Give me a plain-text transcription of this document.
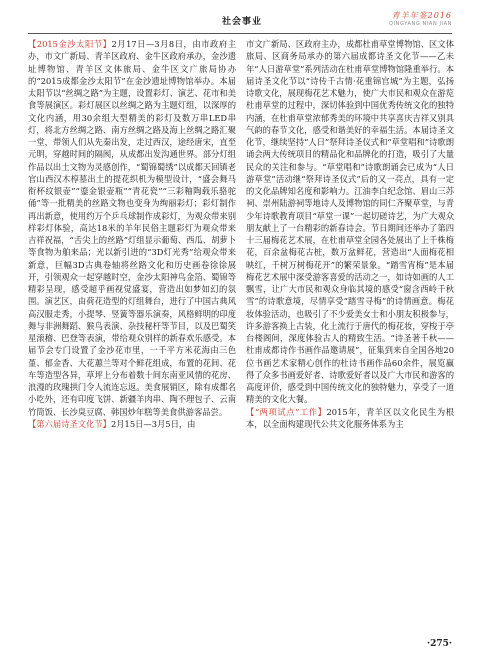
社会事业
青羊年鉴2016
QINGYANG NIAN JIAN

【2015金沙太阳节】2月17日—3月8日，由市政府主办，市文广新局、青羊区政府、金牛区政府承办，金沙遗址博物馆、青羊区文体旅局、金牛区文广旅局协办的“2015成都金沙太阳节”在金沙遗址博物馆举办。本届太阳节以“丝绸之路”为主题，设置彩灯、演艺、花市和美食等展演区。彩灯展区以丝绸之路为主题灯组，以深厚的文化内涵，用30余组大型精美的彩灯及数万串LED串灯，将北方丝绸之路、南方丝绸之路及海上丝绸之路汇聚一堂，带领人们从先秦出发，走过西汉，途经唐宋，直至元明，穿越时间的隔阂，从成都出发沟通世界。部分灯组作品以出土文物为灵感创作，“蜀锦蜀绣”以成都天回镇老官山西汉木椁墓出土的提花织机为模型设计，“盛会舞马衔杯纹银壶”“鎏金银壶瓶”“青花瓷”“三彩釉陶载乐骆驼俑”等一批精美的丝路文物也变身为绚丽彩灯；彩灯制作再出新意，使用约万个乒乓球制作成彩灯，为观众带来别样彩灯体验，高达18米的羊年民俗主题彩灯为观众带来吉祥祝福，“舌尖上的丝路”灯组显示葡萄、西瓜、胡萝卜等食物为舶来品；光以新引进的“3D灯光秀”给观众带来新意，巨幅3D古典卷轴将丝路文化和历史画卷徐徐展开，引领观众一起穿越时空，金沙太阳神鸟金箔、蜀锦等精彩呈现，感受超乎画视觉盛宴，营造出如梦如幻的氛围。演艺区，由荷花造型的灯组舞台，进行了中国古典风高汉服走秀，小提琴、竖簧等器乐演奏，风格鲜明的印度舞与非洲舞蹈、猴鸟表演、杂技秘杆等节目，以及巴蜀笑星滚稽、巴登等表演，带给观众别样的新春欢乐感受。本届节会专门设置了金沙花市里，一千平方米花海由三色堇、郁金香、大花蕙兰等对个鲜花组成，布置的花间、花车等造型各异，草坪上分布着数十间东南亚风情的花房、浪漫的玫瑰拱门令人流连忘返。美食展销区，除有成都名小吃外，还有印度飞饼、新疆羊肉串、陶不理包子、云南竹筒饭、长沙臭豆腐、韩国炒年糕等美食供游客品尝。

【第六届诗圣文化节】2月15日—3月5日，由

市文广新局、区政府主办，成都杜甫草堂博物馆、区文体旅局、区商务局承办的第六届成都诗圣文化节——乙未年“人日游草堂”系列活动在杜甫草堂博物馆隆重举行。本届诗圣文化节以“诗传千古情·花重锦官城”为主题，弘扬诗歌文化，展现梅花艺术魅力，使广大市民和观众在游览杜甫草堂的过程中，深切体验到中国优秀传统文化的独特内涵，在杜甫草堂浓郁秀美的环境中共享喜庆吉祥又别具气韵的春节文化，感受和谐美好的幸福生活。本届诗圣文化节，继续坚持“人日”祭拜诗圣仪式和“草堂唱和”诗歌朗诵会两大传统项目的精品化和品牌化的打造，吸引了大量民众的关注和参与。“草堂唱和”诗歌朗诵会已成为“人日游草堂”活动继“祭拜诗圣仪式”后的又一亮点，具有一定的文化品牌知名度和影响力。江油李白纪念馆、眉山三苏祠、崇州陆游祠等地诗人及博物馆的同仁齐聚草堂，与青少年诗歌教育项目“草堂一课”一起切磋诗艺，为广大观众朋友献上了一台精彩的新春诗会。节日期间还举办了第四十三届梅花艺术展，在杜甫草堂全园各处展出了上千株梅花，百余盆梅花古桩，数万盆鲜花，营造出“人面梅花相映红，千树万树梅花开”的繁荣景象。“踏雪宵梅”是本届梅花艺术展中深受游客喜爱的活动之一，如诗如画的人工飘雪，让广大市民和观众身临其境的感受“窗含西岭千秋雪”的诗歌意境，尽情享受“踏雪寻梅”的诗情画意。梅花妆体验活动，也吸引了不少爱美女士和小朋友积极参与，许多游客换上古装，化上流行于唐代的梅花妆，穿梭于亭台楼阁间，深度体验古人的精致生活。“诗圣著千秋——杜甫成都诗作书画作品邀请展”，征集到来自全国各地20位书画艺术家精心创作的杜诗书画作品60余件，展览赢得了众多书画爱好者、诗歌爱好者以及广大市民和游客的高度评价，感受到中国传统文化的独特魅力，享受了一道精美的文化大餐。

【“两项试点”工作】2015年，青羊区以文化民生为根本，以全面构建现代公共文化服务体系为主

·275·
